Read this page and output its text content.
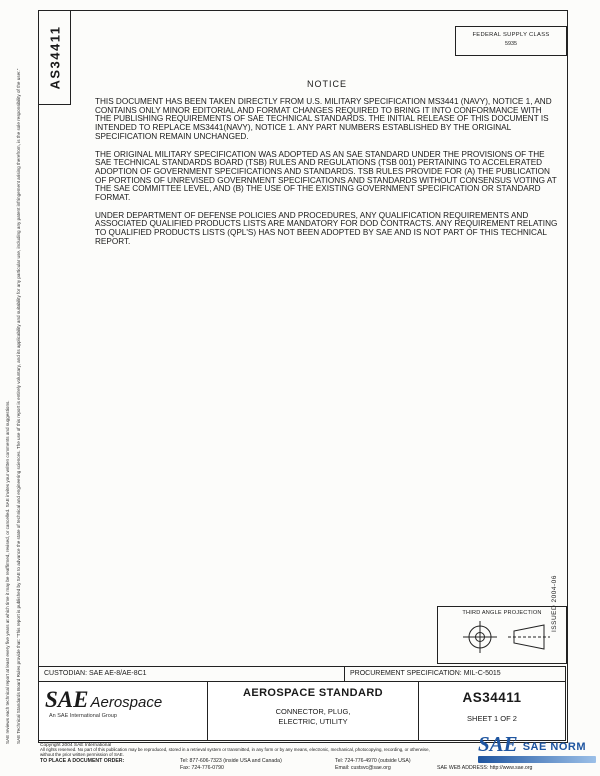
SAE Technical Standards Board Rules provide that: "This report is published by SAE to advance the state of technical and engineering sciences. The use of this report is entirely voluntary, and its applicability and suitability for any particular use, including any patent infringement arising therefrom, is the sole responsibility of the user."
SAE reviews each technical report at least every five years at which time it may be reaffirmed, revised, or cancelled. SAE invites your written comments and suggestions.
AS34411	FEDERAL SUPPLY CLASS
5935
NOTICE

THIS DOCUMENT HAS BEEN TAKEN DIRECTLY FROM U.S. MILITARY SPECIFICATION MS3441 (NAVY), NOTICE 1, AND CONTAINS ONLY MINOR EDITORIAL AND FORMAT CHANGES REQUIRED TO BRING IT INTO CONFORMANCE WITH THE PUBLISHING REQUIREMENTS OF SAE TECHNICAL STANDARDS. THE INITIAL RELEASE OF THIS DOCUMENT IS INTENDED TO REPLACE MS3441(NAVY), NOTICE 1. ANY PART NUMBERS ESTABLISHED BY THE ORIGINAL SPECIFICATION REMAIN UNCHANGED.

THE ORIGINAL MILITARY SPECIFICATION WAS ADOPTED AS AN SAE STANDARD UNDER THE PROVISIONS OF THE SAE TECHNICAL STANDARDS BOARD (TSB) RULES AND REGULATIONS (TSB 001) PERTAINING TO ACCELERATED ADOPTION OF GOVERNMENT SPECIFICATIONS AND STANDARDS. TSB RULES PROVIDE FOR (A) THE PUBLICATION OF PORTIONS OF UNREVISED GOVERNMENT SPECIFICATIONS AND STANDARDS WITHOUT CONSENSUS VOTING AT THE SAE COMMITTEE LEVEL, AND (B) THE USE OF THE EXISTING GOVERNMENT SPECIFICATION OR STANDARD FORMAT.

UNDER DEPARTMENT OF DEFENSE POLICIES AND PROCEDURES, ANY QUALIFICATION REQUIREMENTS AND ASSOCIATED QUALIFIED PRODUCTS LISTS ARE MANDATORY FOR DOD CONTRACTS. ANY REQUIREMENT RELATING TO QUALIFIED PRODUCTS LISTS (QPL'S) HAS NOT BEEN ADOPTED BY SAE AND IS NOT PART OF THIS TECHNICAL REPORT.

ISSUED 2004-06
THIRD ANGLE PROJECTION
CUSTODIAN: SAE AE-8/AE-8C1	PROCUREMENT SPECIFICATION: MIL-C-5015
SAE Aerospace
An SAE International Group
AEROSPACE STANDARD
CONNECTOR, PLUG,
ELECTRIC, UTILITY
AS34411
SHEET 1 OF 2
Copyright 2004 SAE International
All rights reserved. No part of this publication may be reproduced, stored in a retrieval system or transmitted, in any form or by any means, electronic, mechanical, photocopying, recording, or otherwise, without the prior written permission of SAE.
TO PLACE A DOCUMENT ORDER:	Tel: 877-606-7323 (inside USA and Canada)	Tel: 724-776-4970 (outside USA)
Fax: 724-776-0790	Email: custsvc@sae.org	SAE WEB ADDRESS: http://www.sae.org
SAE SAE NORM
